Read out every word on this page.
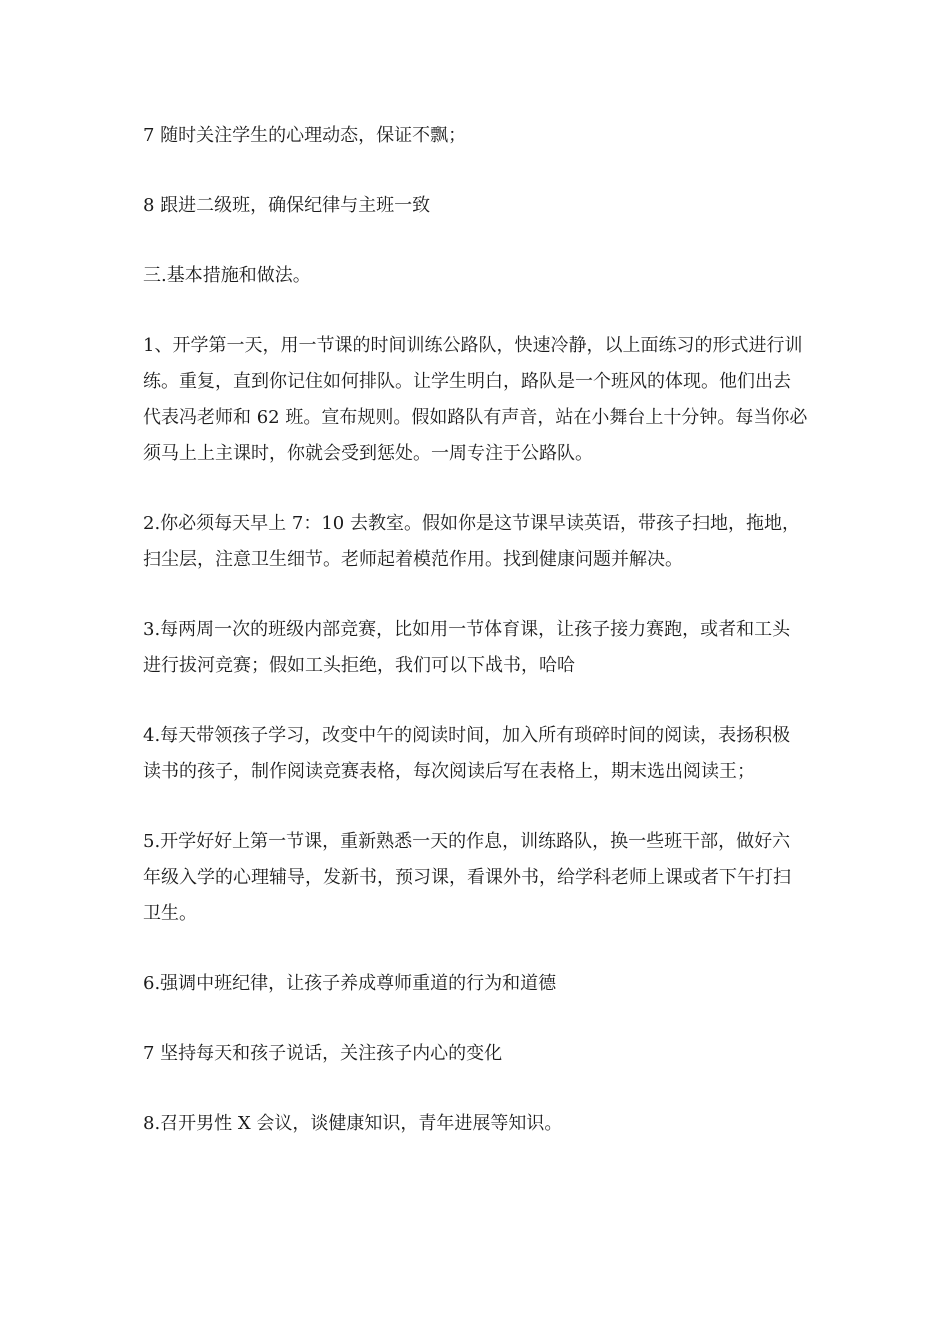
7 随时关注学生的心理动态，保证不飘；

8 跟进二级班，确保纪律与主班一致

三.基本措施和做法。

1、开学第一天，用一节课的时间训练公路队，快速冷静，以上面练习的形式进行训练。重复，直到你记住如何排队。让学生明白，路队是一个班风的体现。他们出去代表冯老师和 62 班。宣布规则。假如路队有声音，站在小舞台上十分钟。每当你必须马上上主课时，你就会受到惩处。一周专注于公路队。

2.你必须每天早上 7：10 去教室。假如你是这节课早读英语，带孩子扫地，拖地，扫尘层，注意卫生细节。老师起着模范作用。找到健康问题并解决。

3.每两周一次的班级内部竞赛，比如用一节体育课，让孩子接力赛跑，或者和工头进行拔河竞赛；假如工头拒绝，我们可以下战书，哈哈

4.每天带领孩子学习，改变中午的阅读时间，加入所有琐碎时间的阅读，表扬积极读书的孩子，制作阅读竞赛表格，每次阅读后写在表格上，期末选出阅读王；

5.开学好好上第一节课，重新熟悉一天的作息，训练路队，换一些班干部，做好六年级入学的心理辅导，发新书，预习课，看课外书，给学科老师上课或者下午打扫卫生。

6.强调中班纪律，让孩子养成尊师重道的行为和道德

7 坚持每天和孩子说话，关注孩子内心的变化

8.召开男性 X 会议，谈健康知识，青年进展等知识。
